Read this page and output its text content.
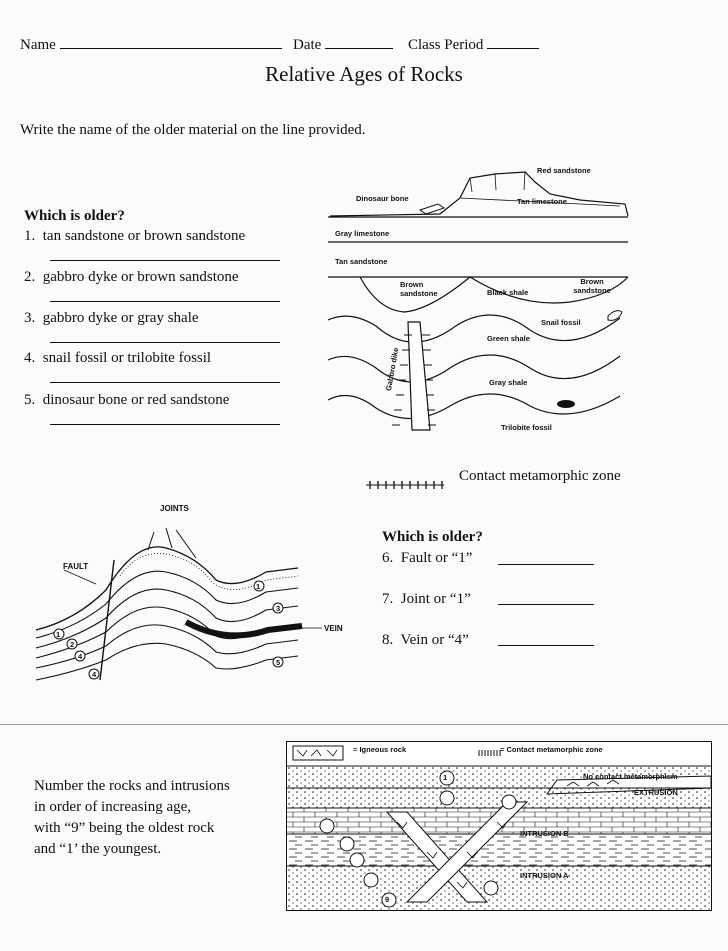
Name	Date	Class Period
Relative Ages of Rocks
Write the name of the older material on the line provided.
Which is older?
1. tan sandstone or brown sandstone
2. gabbro dyke or brown sandstone
3. gabbro dyke or gray shale
4. snail fossil or trilobite fossil
5. dinosaur bone or red sandstone
Red sandstone
Dinosaur bone	Tan limestone
Gray limestone
Tan sandstone
Brown sandstone	Black shale
Brown sandstone
Snail fossil
Green shale
Gray shale
Gabbro dike
Trilobite fossil
Contact metamorphic zone
JOINTS
FAULT
VEIN
1
1
2
3
4
4
5
Which is older?
6. Fault or “1”
7. Joint or “1”
8. Vein or “4”
Number the rocks and intrusions
in order of increasing age,
with “9” being the oldest rock
and “1’ the youngest.
= Igneous rock	= Contact metamorphic zone
No contact metamorphism
EXTRUSION
INTRUSION B
INTRUSION A
1
9
